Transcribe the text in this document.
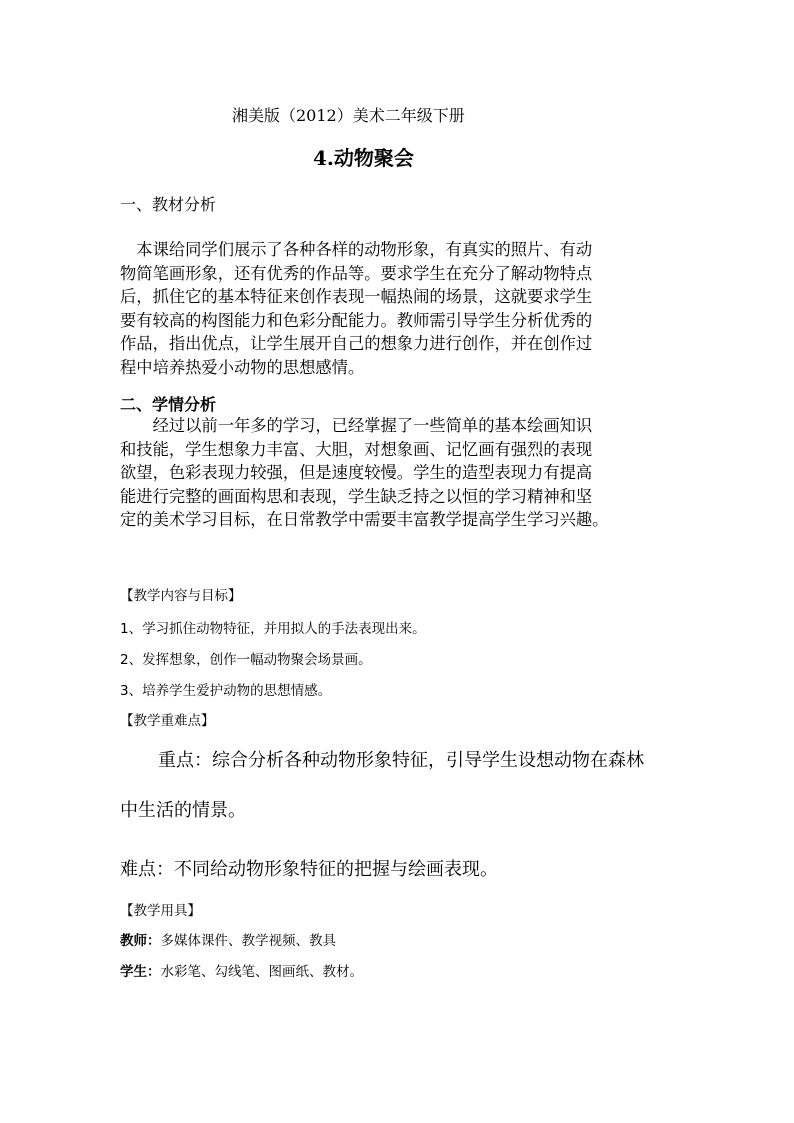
湘美版（2012）美术二年级下册
4.动物聚会
一、教材分析
　本课给同学们展示了各种各样的动物形象，有真实的照片、有动
物简笔画形象，还有优秀的作品等。要求学生在充分了解动物特点
后，抓住它的基本特征来创作表现一幅热闹的场景，这就要求学生
要有较高的构图能力和色彩分配能力。教师需引导学生分析优秀的
作品，指出优点，让学生展开自己的想象力进行创作，并在创作过
程中培养热爱小动物的思想感情。
二、学情分析
　　经过以前一年多的学习，已经掌握了一些简单的基本绘画知识
和技能，学生想象力丰富、大胆，对想象画、记忆画有强烈的表现
欲望，色彩表现力较强，但是速度较慢。学生的造型表现力有提高
能进行完整的画面构思和表现，学生缺乏持之以恒的学习精神和坚
定的美术学习目标，在日常教学中需要丰富教学提高学生学习兴趣。
【教学内容与目标】
1、学习抓住动物特征，并用拟人的手法表现出来。
2、发挥想象，创作一幅动物聚会场景画。
3、培养学生爱护动物的思想情感。
【教学重难点】
重点：综合分析各种动物形象特征，引导学生设想动物在森林
中生活的情景。
难点：不同给动物形象特征的把握与绘画表现。
【教学用具】
教师：多媒体课件、教学视频、教具
学生：水彩笔、勾线笔、图画纸、教材。
